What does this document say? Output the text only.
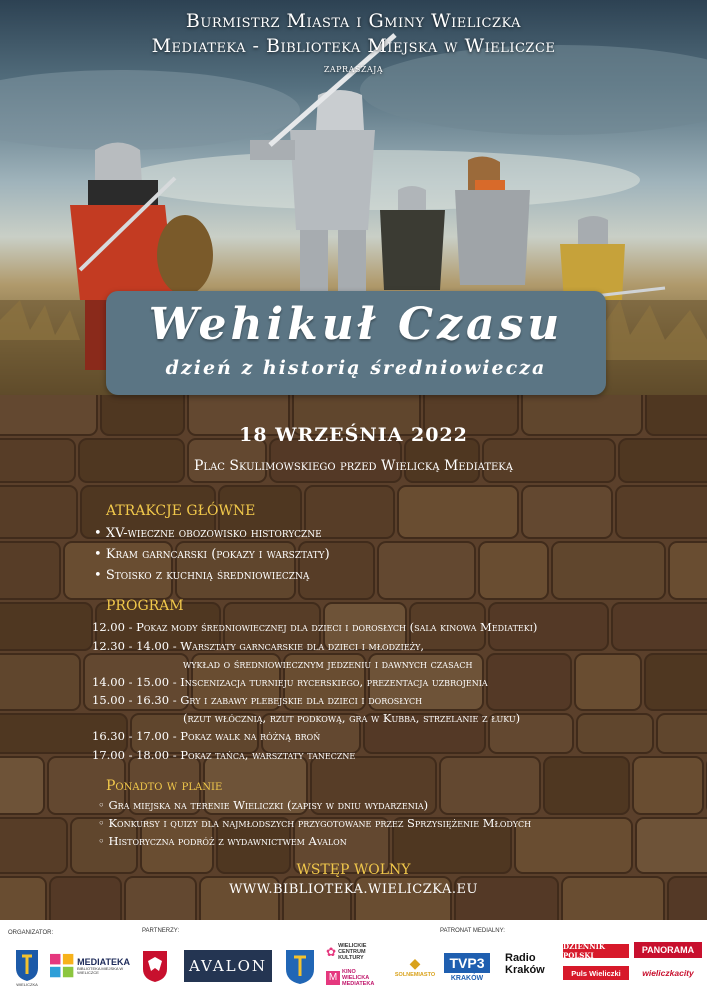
Burmistrz Miasta i Gminy Wieliczka
Mediateka - Biblioteka Miejska w Wieliczce
zapraszają
Wehikuł Czasu
dzień z historią średniowiecza
18 WRZEŚNIA 2022
Plac Skulimowskiego przed Wielicką Mediateką
ATRAKCJE GŁÓWNE
• XV-wieczne obozowisko historyczne
• Kram garncarski (pokazy i warsztaty)
• Stoisko z kuchnią średniowieczną
PROGRAM
12.00 - Pokaz mody średniowiecznej dla dzieci i dorosłych (sala kinowa Mediateki)
12.30 - 14.00 - Warsztaty garncarskie dla dzieci i młodzieży,
wykład o średniowiecznym jedzeniu i dawnych czasach
14.00 - 15.00 - Inscenizacja turnieju rycerskiego, prezentacja uzbrojenia
15.00 - 16.30 - Gry i zabawy plebejskie dla dzieci i dorosłych
(rzut włócznią, rzut podkową, gra w Kubba, strzelanie z łuku)
16.30 - 17.00 - Pokaz walk na różną broń
17.00 - 18.00 - Pokaz tańca, warsztaty taneczne
Ponadto w planie
◦ Gra miejska na terenie Wieliczki (zapisy w dniu wydarzenia)
◦ Konkursy i quizy dla najmłodszych przygotowane przez Sprzysiężenie Młodych
◦ Historyczna podróż z wydawnictwem Avalon
WSTĘP WOLNY
WWW.BIBLIOTEKA.WIELICZKA.EU
ORGANIZATOR:	PARTNERZY:	PATRONAT MEDIALNY:
WIELICZKA
MEDIATEKA
BIBLIOTEKA MIEJSKA W WIELICZCE	AVALON
✿ WIELICKIE CENTRUM KULTURY
M
KINO WIELICKA MEDIATEKA
◆
SOLNEMIASTO
TVP3
KRAKÓW
Radio Kraków
DZIENNIK POLSKI
Puls Wieliczki
PANORAMA
wieliczkacity
